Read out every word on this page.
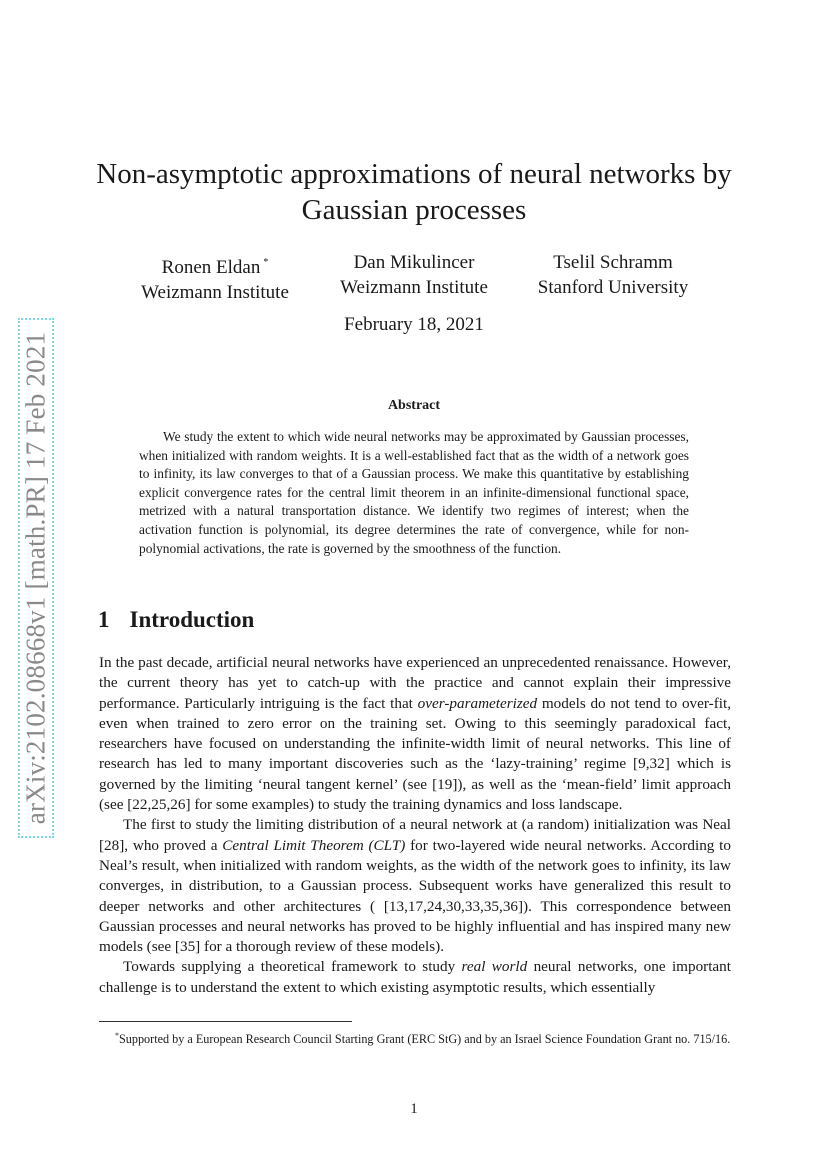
arXiv:2102.08668v1 [math.PR] 17 Feb 2021
Non-asymptotic approximations of neural networks by
Gaussian processes
Ronen Eldan *
Weizmann Institute
Dan Mikulincer
Weizmann Institute
Tselil Schramm
Stanford University
February 18, 2021
Abstract

We study the extent to which wide neural networks may be approximated by Gaussian processes, when initialized with random weights. It is a well-established fact that as the width of a network goes to infinity, its law converges to that of a Gaussian process. We make this quantitative by establishing explicit convergence rates for the central limit theorem in an infinite-dimensional functional space, metrized with a natural transportation distance. We identify two regimes of interest; when the activation function is polynomial, its degree determines the rate of convergence, while for non-polynomial activations, the rate is governed by the smoothness of the function.

1 Introduction

In the past decade, artificial neural networks have experienced an unprecedented renaissance. However, the current theory has yet to catch-up with the practice and cannot explain their impressive performance. Particularly intriguing is the fact that over-parameterized models do not tend to over-fit, even when trained to zero error on the training set. Owing to this seemingly paradoxical fact, researchers have focused on understanding the infinite-width limit of neural networks. This line of research has led to many important discoveries such as the ‘lazy-training’ regime [9,32] which is governed by the limiting ‘neural tangent kernel’ (see [19]), as well as the ‘mean-field’ limit approach (see [22,25,26] for some examples) to study the training dynamics and loss landscape.

The first to study the limiting distribution of a neural network at (a random) initialization was Neal [28], who proved a Central Limit Theorem (CLT) for two-layered wide neural networks. According to Neal’s result, when initialized with random weights, as the width of the network goes to infinity, its law converges, in distribution, to a Gaussian process. Subsequent works have generalized this result to deeper networks and other architectures ( [13,17,24,30,33,35,36]). This correspondence between Gaussian processes and neural networks has proved to be highly influential and has inspired many new models (see [35] for a thorough review of these models).

Towards supplying a theoretical framework to study real world neural networks, one important challenge is to understand the extent to which existing asymptotic results, which essentially

*Supported by a European Research Council Starting Grant (ERC StG) and by an Israel Science Foundation Grant no. 715/16.
1
